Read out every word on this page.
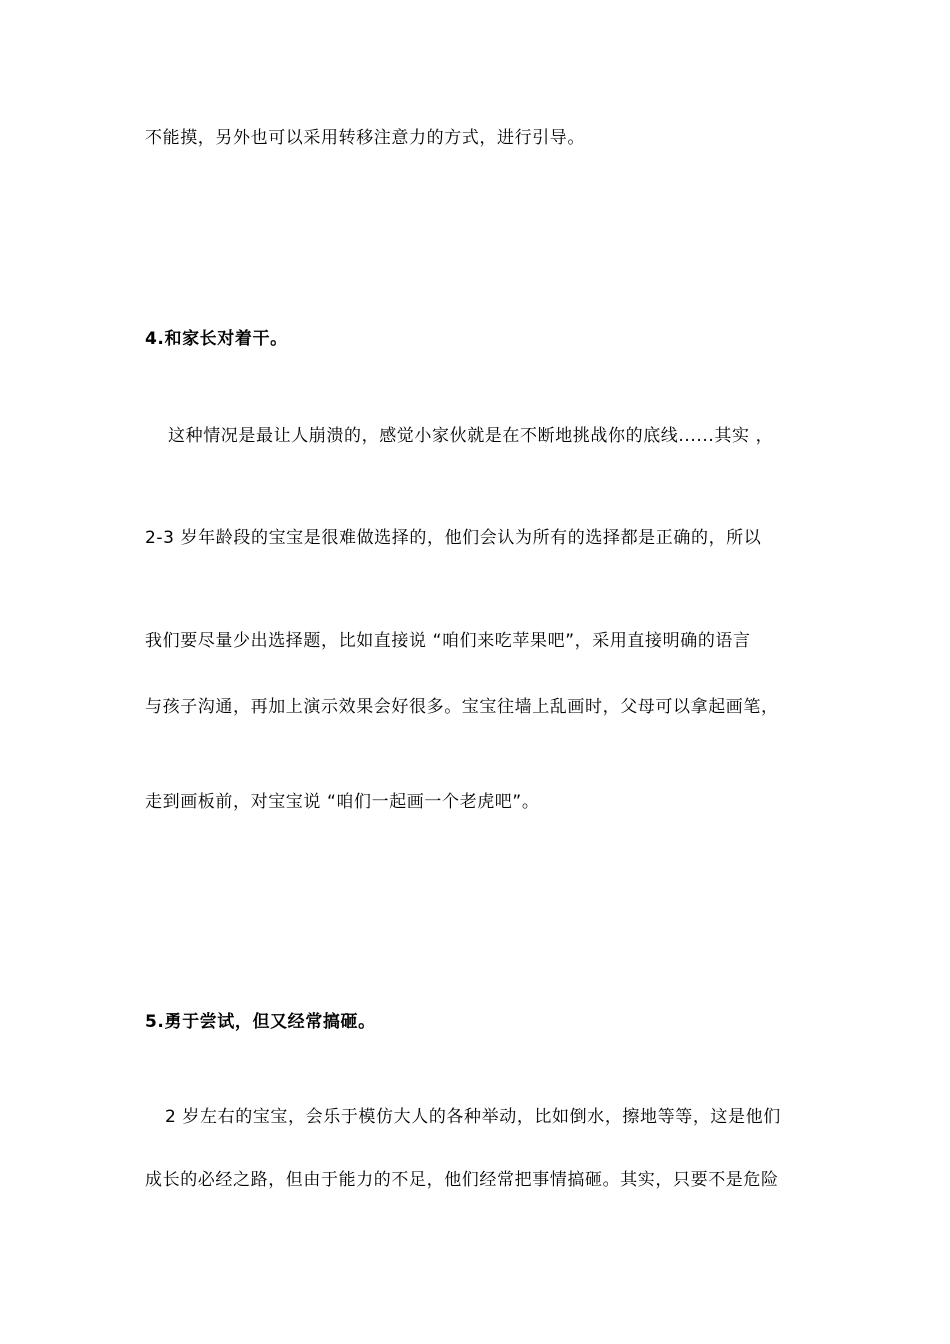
不能摸，另外也可以采用转移注意力的方式，进行引导。
4.和家长对着干。
这种情况是最让人崩溃的，感觉小家伙就是在不断地挑战你的底线......其实 ，
2-3 岁年龄段的宝宝是很难做选择的，他们会认为所有的选择都是正确的，所以
我们要尽量少出选择题，比如直接说 “咱们来吃苹果吧”，采用直接明确的语言
与孩子沟通，再加上演示效果会好很多。宝宝往墙上乱画时，父母可以拿起画笔，
走到画板前，对宝宝说 “咱们一起画一个老虎吧”。
5.勇于尝试，但又经常搞砸。
2 岁左右的宝宝，会乐于模仿大人的各种举动，比如倒水，擦地等等，这是他们
成长的必经之路，但由于能力的不足，他们经常把事情搞砸。其实，只要不是危险
